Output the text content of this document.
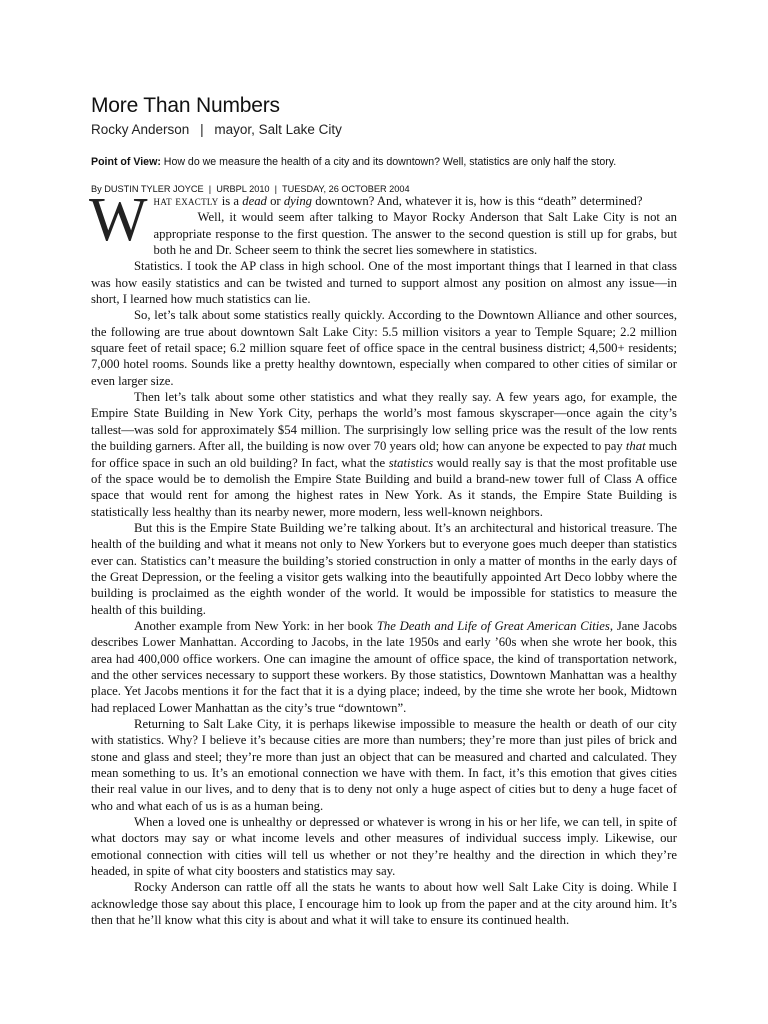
More Than Numbers
Rocky Anderson | mayor, Salt Lake City
Point of View: How do we measure the health of a city and its downtown? Well, statistics are only half the story.
By DUSTIN TYLER JOYCE  |  URBPL 2010  |  TUESDAY, 26 OCTOBER 2004

W hat exactly is a dead or dying downtown? And, whatever it is, how is this “death” determined?
Well, it would seem after talking to Mayor Rocky Anderson that Salt Lake City is not an appropriate response to the first question. The answer to the second question is still up for grabs, but both he and Dr. Scheer seem to think the secret lies somewhere in statistics.

Statistics. I took the AP class in high school. One of the most important things that I learned in that class was how easily statistics and can be twisted and turned to support almost any position on almost any issue—in short, I learned how much statistics can lie.

So, let’s talk about some statistics really quickly. According to the Downtown Alliance and other sources, the following are true about downtown Salt Lake City: 5.5 million visitors a year to Temple Square; 2.2 million square feet of retail space; 6.2 million square feet of office space in the central business district; 4,500+ residents; 7,000 hotel rooms. Sounds like a pretty healthy downtown, especially when compared to other cities of similar or even larger size.

Then let’s talk about some other statistics and what they really say. A few years ago, for example, the Empire State Building in New York City, perhaps the world’s most famous skyscraper—once again the city’s tallest—was sold for approximately $54 million. The surprisingly low selling price was the result of the low rents the building garners. After all, the building is now over 70 years old; how can anyone be expected to pay that much for office space in such an old building? In fact, what the statistics would really say is that the most profitable use of the space would be to demolish the Empire State Building and build a brand-new tower full of Class A office space that would rent for among the highest rates in New York. As it stands, the Empire State Building is statistically less healthy than its nearby newer, more modern, less well-known neighbors.

But this is the Empire State Building we’re talking about. It’s an architectural and historical treasure. The health of the building and what it means not only to New Yorkers but to everyone goes much deeper than statistics ever can. Statistics can’t measure the building’s storied construction in only a matter of months in the early days of the Great Depression, or the feeling a visitor gets walking into the beautifully appointed Art Deco lobby where the building is proclaimed as the eighth wonder of the world. It would be impossible for statistics to measure the health of this building.

Another example from New York: in her book The Death and Life of Great American Cities, Jane Jacobs describes Lower Manhattan. According to Jacobs, in the late 1950s and early ’60s when she wrote her book, this area had 400,000 office workers. One can imagine the amount of office space, the kind of transportation network, and the other services necessary to support these workers. By those statistics, Downtown Manhattan was a healthy place. Yet Jacobs mentions it for the fact that it is a dying place; indeed, by the time she wrote her book, Midtown had replaced Lower Manhattan as the city’s true “downtown”.

Returning to Salt Lake City, it is perhaps likewise impossible to measure the health or death of our city with statistics. Why? I believe it’s because cities are more than numbers; they’re more than just piles of brick and stone and glass and steel; they’re more than just an object that can be measured and charted and calculated. They mean something to us. It’s an emotional connection we have with them. In fact, it’s this emotion that gives cities their real value in our lives, and to deny that is to deny not only a huge aspect of cities but to deny a huge facet of who and what each of us is as a human being.

When a loved one is unhealthy or depressed or whatever is wrong in his or her life, we can tell, in spite of what doctors may say or what income levels and other measures of individual success imply. Likewise, our emotional connection with cities will tell us whether or not they’re healthy and the direction in which they’re headed, in spite of what city boosters and statistics may say.

Rocky Anderson can rattle off all the stats he wants to about how well Salt Lake City is doing. While I acknowledge those say about this place, I encourage him to look up from the paper and at the city around him. It’s then that he’ll know what this city is about and what it will take to ensure its continued health.
